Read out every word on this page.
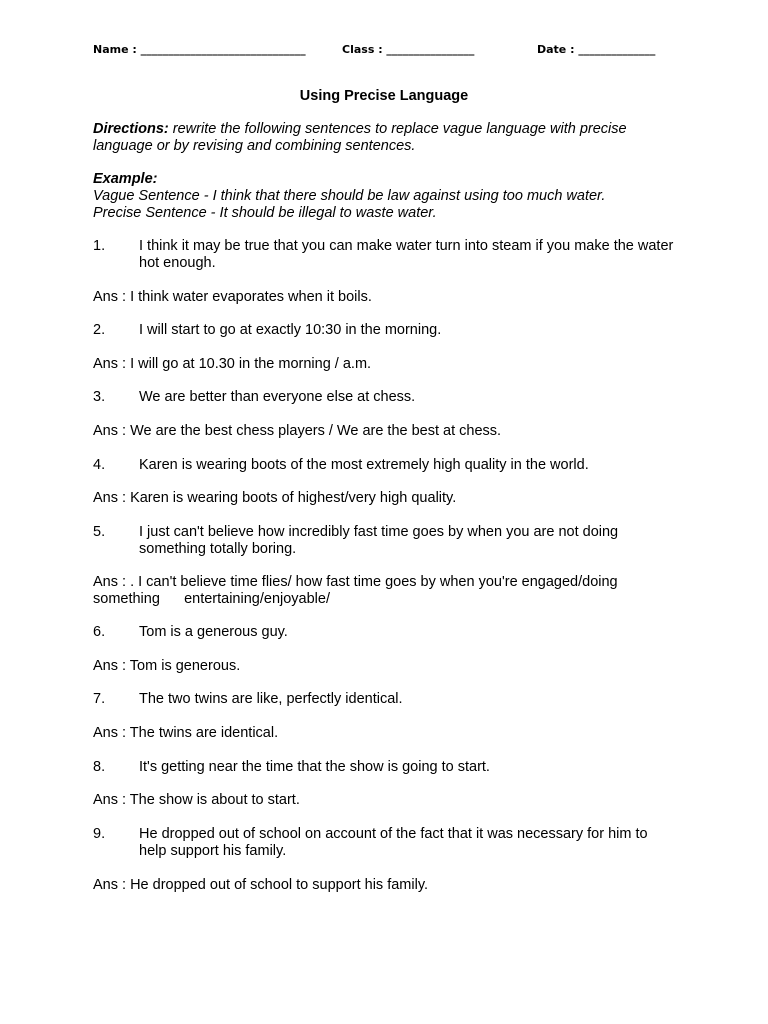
Name : ______________________________	Class : ________________	Date : ______________
Using Precise Language
Directions: rewrite the following sentences to replace vague language with precise language or by revising and combining sentences.
Example:
Vague Sentence - I think that there should be law against using too much water.
Precise Sentence - It should be illegal to waste water.
1. I think it may be true that you can make water turn into steam if you make the water hot enough.
Ans : I think water evaporates when it boils.
2. I will start to go at exactly 10:30 in the morning.
Ans : I will go at 10.30 in the morning / a.m.
3. We are better than everyone else at chess.
Ans : We are the best chess players / We are the best at chess.
4. Karen is wearing boots of the most extremely high quality in the world.
Ans : Karen is wearing boots of highest/very high quality.
5. I just can't believe how incredibly fast time goes by when you are not doing something totally boring.
Ans : . I can't believe time flies/ how fast time goes by when you're engaged/doing something      entertaining/enjoyable/
6. Tom is a generous guy.
Ans : Tom is generous.
7. The two twins are like, perfectly identical.
Ans : The twins are identical.
8. It's getting near the time that the show is going to start.
Ans : The show is about to start.
9. He dropped out of school on account of the fact that it was necessary for him to help support his family.
Ans : He dropped out of school to support his family.
